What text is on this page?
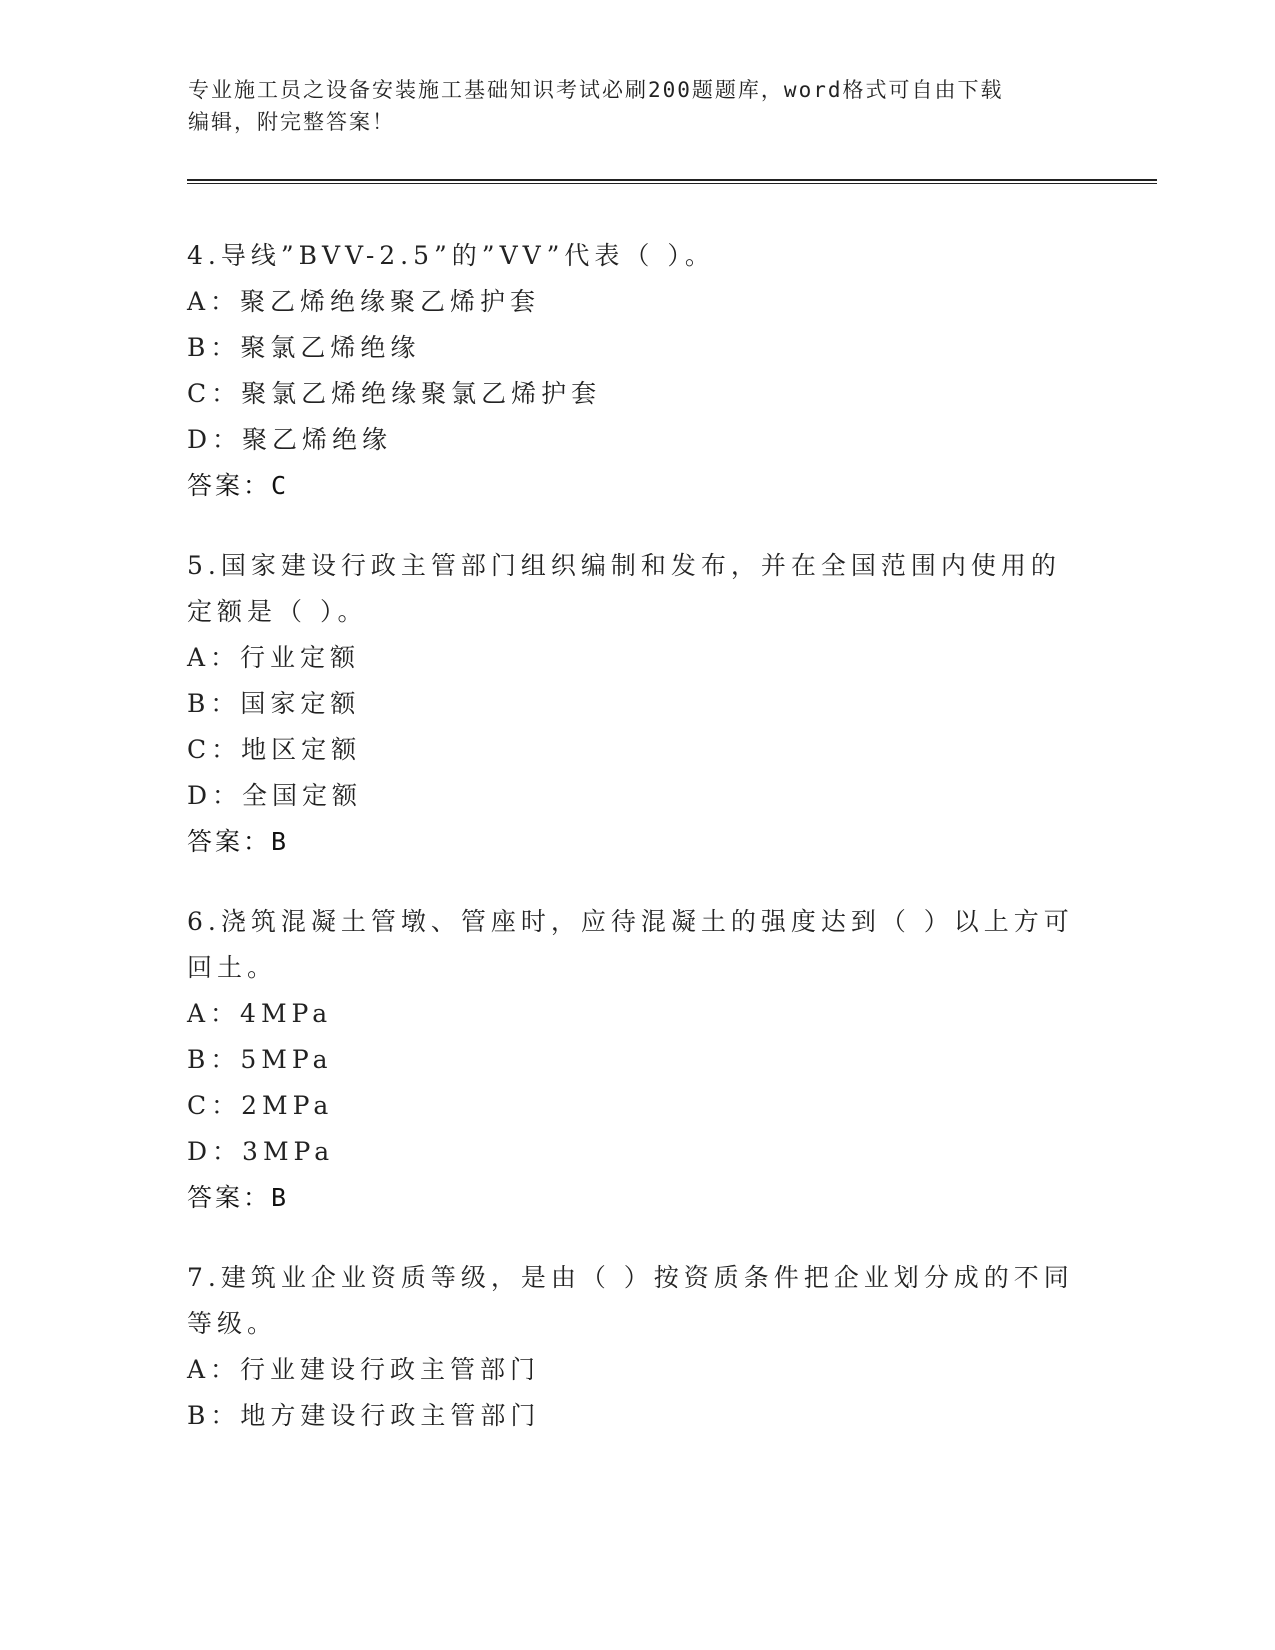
专业施工员之设备安装施工基础知识考试必刷200题题库，word格式可自由下载
编辑，附完整答案！
4.导线”BVV-2.5”的”VV”代表（ ）。
A：聚乙烯绝缘聚乙烯护套
B：聚氯乙烯绝缘
C：聚氯乙烯绝缘聚氯乙烯护套
D：聚乙烯绝缘
答案：C
5.国家建设行政主管部门组织编制和发布，并在全国范围内使用的定额是（ ）。
A：行业定额
B：国家定额
C：地区定额
D：全国定额
答案：B
6.浇筑混凝土管墩、管座时，应待混凝土的强度达到（ ）以上方可回土。
A：4MPa
B：5MPa
C：2MPa
D：3MPa
答案：B
7.建筑业企业资质等级，是由（ ）按资质条件把企业划分成的不同等级。
A：行业建设行政主管部门
B：地方建设行政主管部门
